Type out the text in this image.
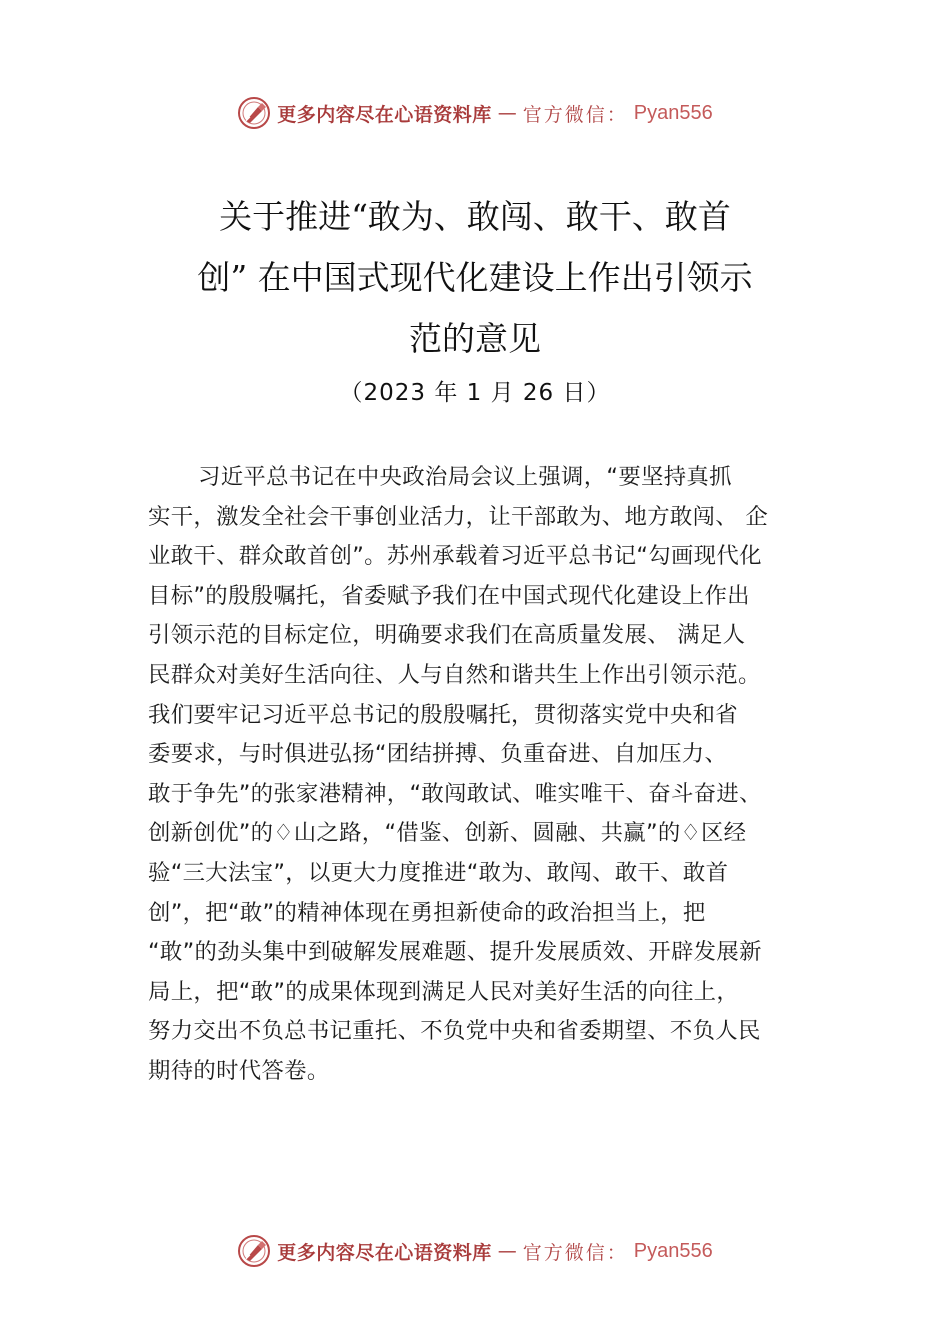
更多内容尽在心语资料库 — 官方微信： Pyan556
关于推进“敢为、敢闯、敢干、敢首
创” 在中国式现代化建设上作出引领示
范的意见
（2023 年 1 月 26 日）
习近平总书记在中央政治局会议上强调，“要坚持真抓
实干，激发全社会干事创业活力，让干部敢为、地方敢闯、 企
业敢干、群众敢首创”。苏州承载着习近平总书记“勾画现代化
目标”的殷殷嘱托，省委赋予我们在中国式现代化建设上作出
引领示范的目标定位，明确要求我们在高质量发展、 满足人
民群众对美好生活向往、人与自然和谐共生上作出引领示范。
我们要牢记习近平总书记的殷殷嘱托，贯彻落实党中央和省
委要求，与时俱进弘扬“团结拼搏、负重奋进、自加压力、
敢于争先”的张家港精神，“敢闯敢试、唯实唯干、奋斗奋进、
创新创优”的♢山之路，“借鉴、创新、圆融、共赢”的♢区经
验“三大法宝”，以更大力度推进“敢为、敢闯、敢干、敢首
创”，把“敢”的精神体现在勇担新使命的政治担当上，把
“敢”的劲头集中到破解发展难题、提升发展质效、开辟发展新
局上，把“敢”的成果体现到满足人民对美好生活的向往上，
努力交出不负总书记重托、不负党中央和省委期望、不负人民
期待的时代答卷。
更多内容尽在心语资料库 — 官方微信： Pyan556
